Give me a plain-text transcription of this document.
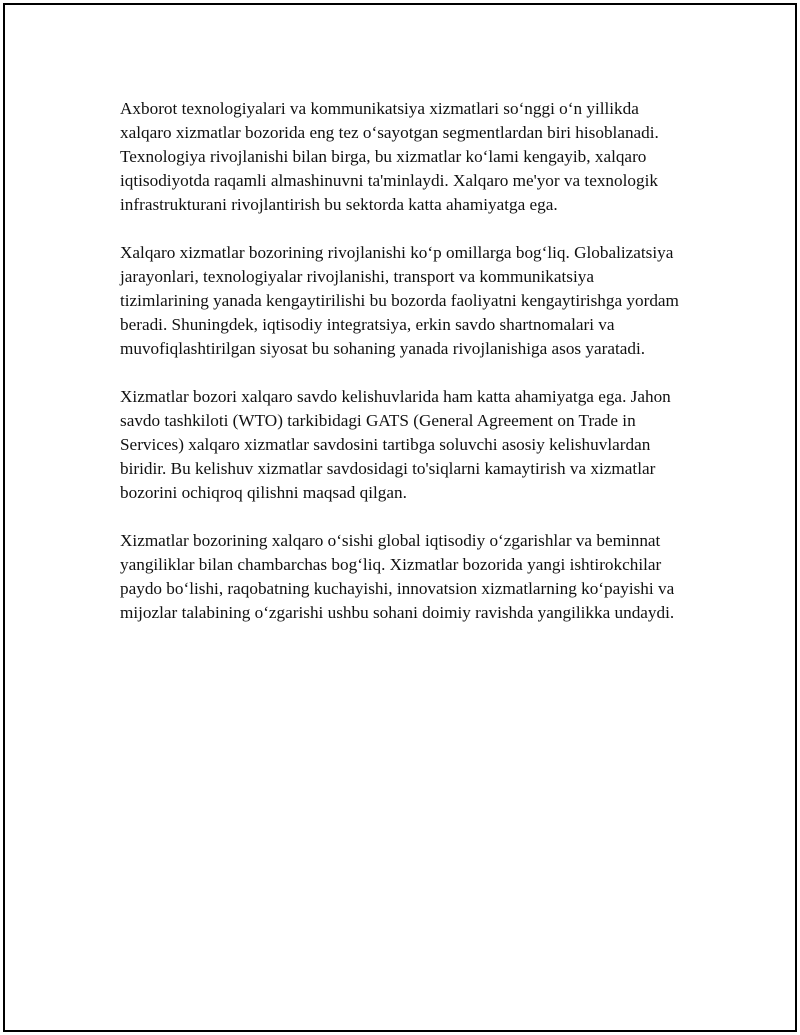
Axborot texnologiyalari va kommunikatsiya xizmatlari so‘nggi o‘n yillikda xalqaro xizmatlar bozorida eng tez o‘sayotgan segmentlardan biri hisoblanadi. Texnologiya rivojlanishi bilan birga, bu xizmatlar ko‘lami kengayib, xalqaro iqtisodiyotda raqamli almashinuvni ta'minlaydi. Xalqaro me'yor va texnologik infrastrukturani rivojlantirish bu sektorda katta ahamiyatga ega.

Xalqaro xizmatlar bozorining rivojlanishi ko‘p omillarga bog‘liq. Globalizatsiya jarayonlari, texnologiyalar rivojlanishi, transport va kommunikatsiya tizimlarining yanada kengaytirilishi bu bozorda faoliyatni kengaytirishga yordam beradi. Shuningdek, iqtisodiy integratsiya, erkin savdo shartnomalari va muvofiqlashtirilgan siyosat bu sohaning yanada rivojlanishiga asos yaratadi.

Xizmatlar bozori xalqaro savdo kelishuvlarida ham katta ahamiyatga ega. Jahon savdo tashkiloti (WTO) tarkibidagi GATS (General Agreement on Trade in Services) xalqaro xizmatlar savdosini tartibga soluvchi asosiy kelishuvlardan biridir. Bu kelishuv xizmatlar savdosidagi to'siqlarni kamaytirish va xizmatlar bozorini ochiqroq qilishni maqsad qilgan.

Xizmatlar bozorining xalqaro o‘sishi global iqtisodiy o‘zgarishlar va beminnat yangiliklar bilan chambarchas bog‘liq. Xizmatlar bozorida yangi ishtirokchilar paydo bo‘lishi, raqobatning kuchayishi, innovatsion xizmatlarning ko‘payishi va mijozlar talabining o‘zgarishi ushbu sohani doimiy ravishda yangilikka undaydi.
